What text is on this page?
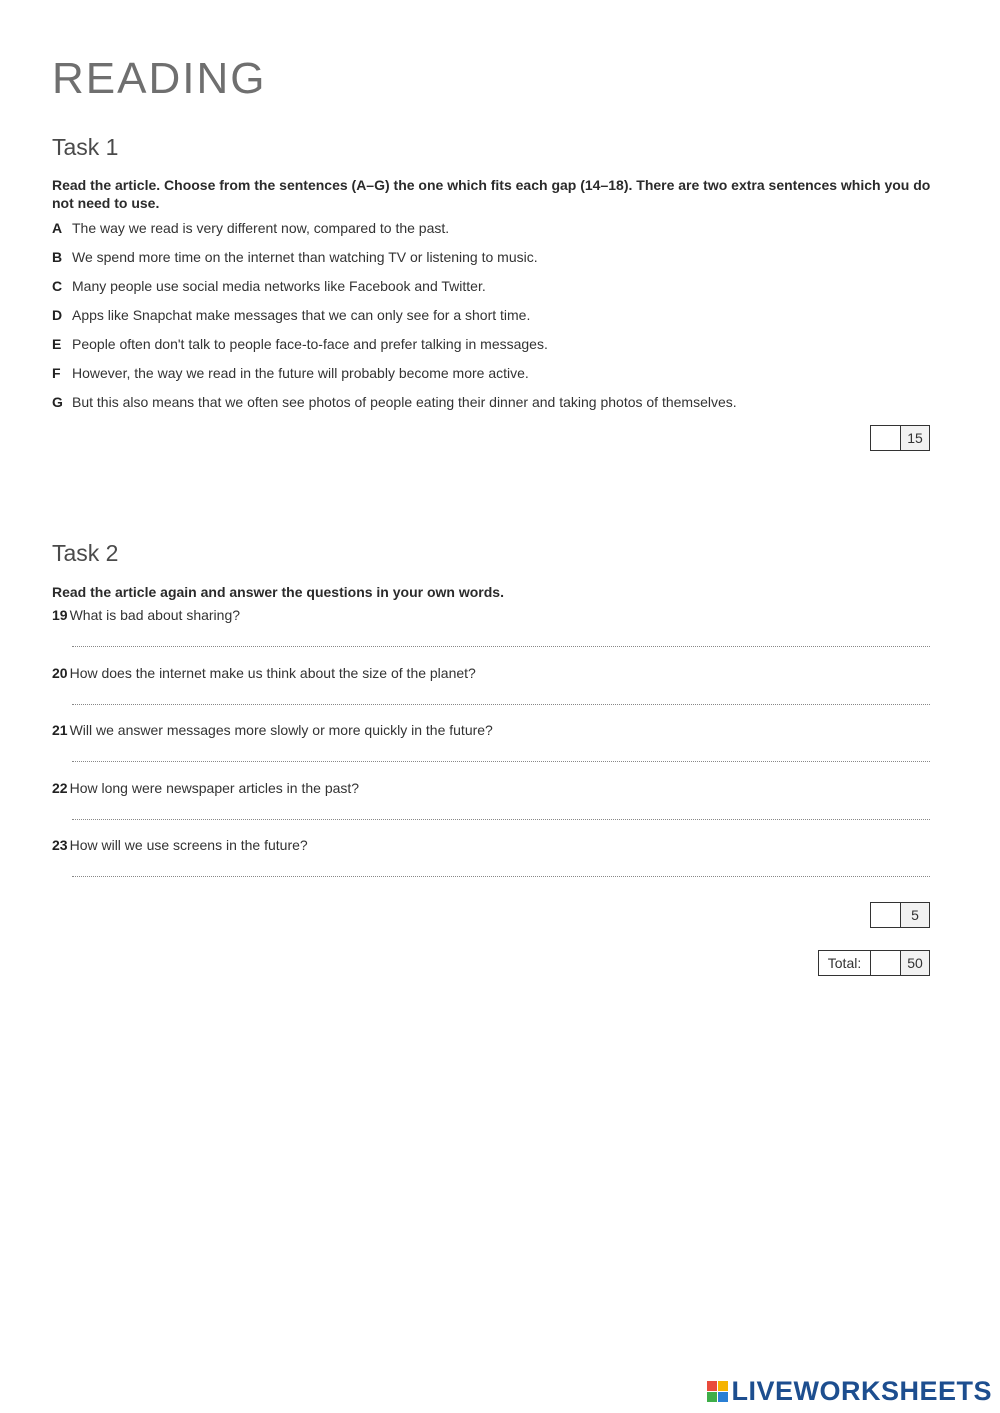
READING
Task 1
Read the article. Choose from the sentences (A–G) the one which fits each gap (14–18). There are two extra sentences which you do not need to use.
A The way we read is very different now, compared to the past.
B We spend more time on the internet than watching TV or listening to music.
C Many people use social media networks like Facebook and Twitter.
D Apps like Snapchat make messages that we can only see for a short time.
E People often don't talk to people face-to-face and prefer talking in messages.
F However, the way we read in the future will probably become more active.
G But this also means that we often see photos of people eating their dinner and taking photos of themselves.
15
Task 2
Read the article again and answer the questions in your own words.
19 What is bad about sharing?
20 How does the internet make us think about the size of the planet?
21 Will we answer messages more slowly or more quickly in the future?
22 How long were newspaper articles in the past?
23 How will we use screens in the future?
5
Total:	50
LIVEWORKSHEETS
